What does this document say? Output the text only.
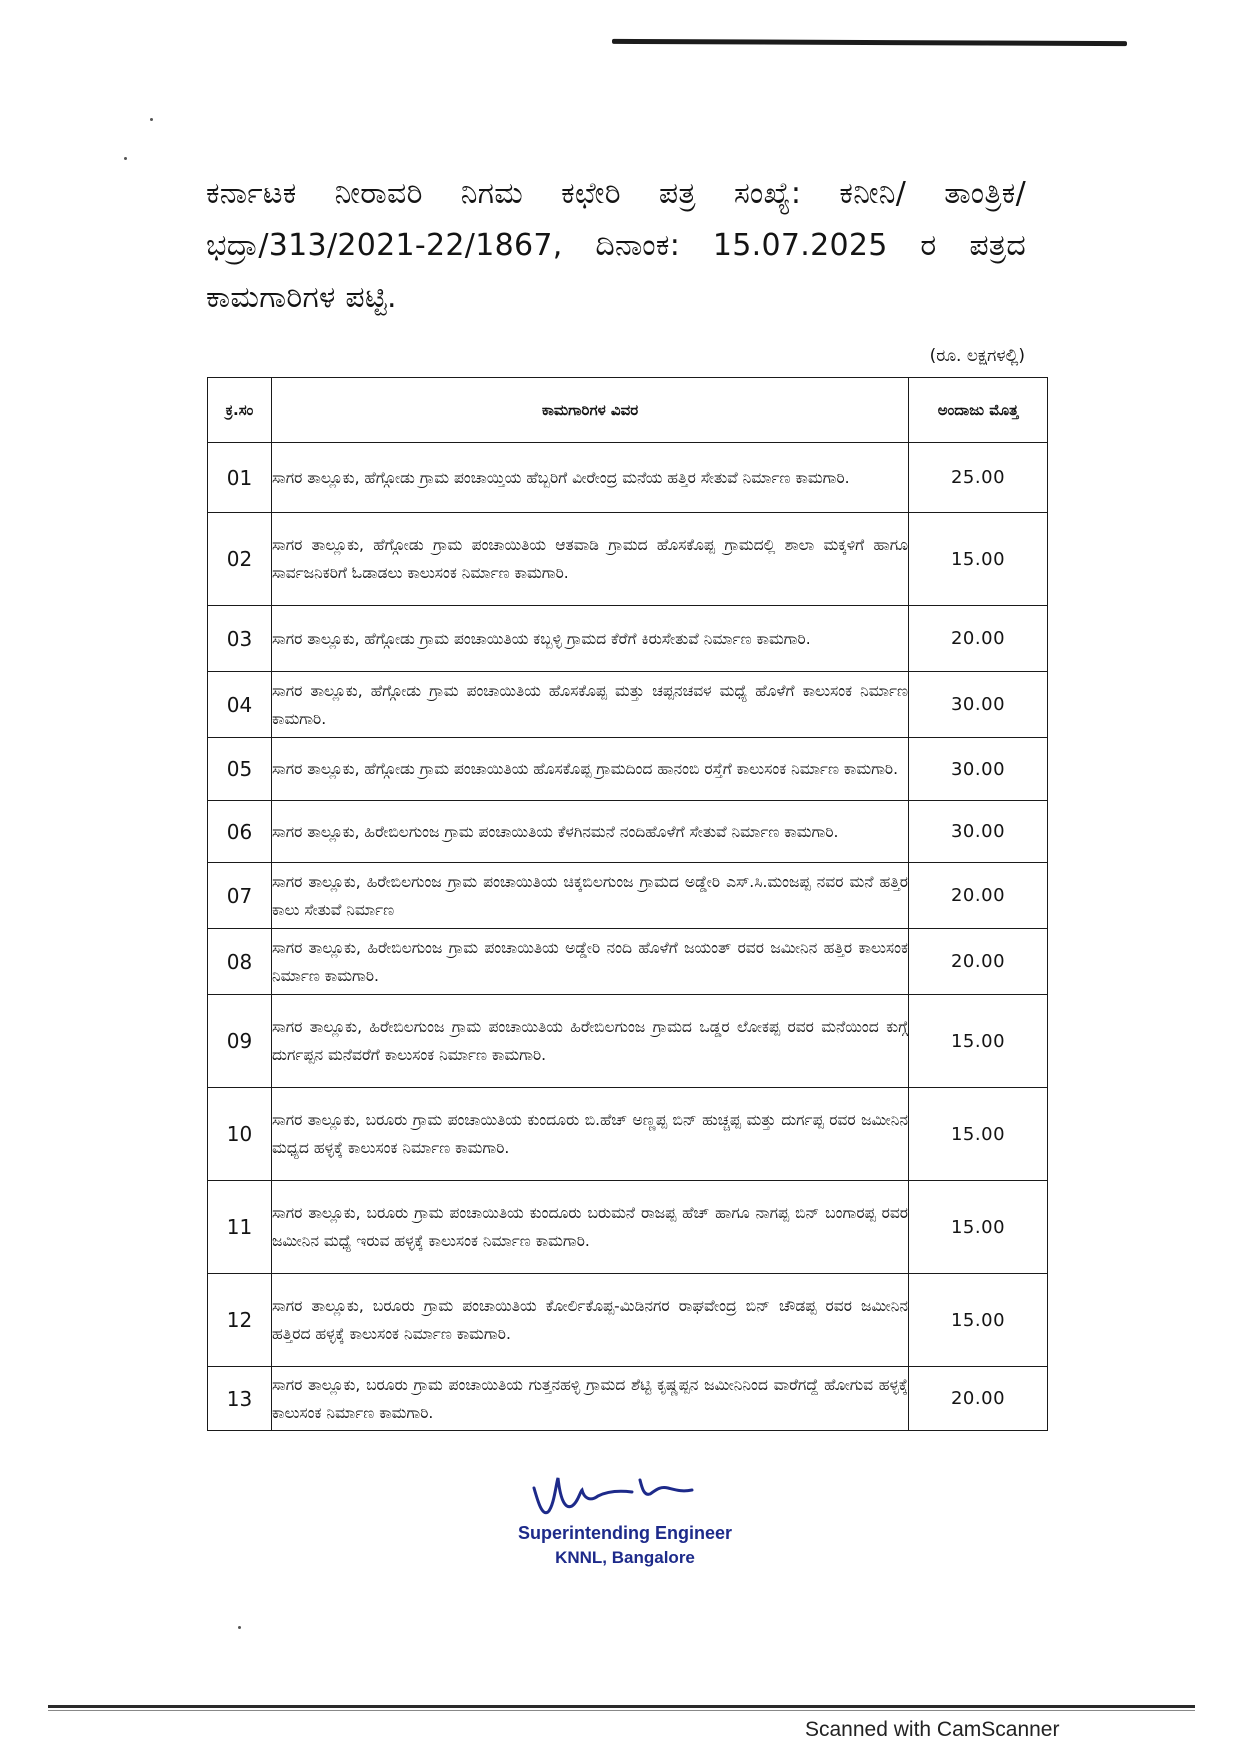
ಕರ್ನಾಟಕ ನೀರಾವರಿ ನಿಗಮ ಕಛೇರಿ ಪತ್ರ ಸಂಖ್ಯೆ: ಕನೀನಿ/ ತಾಂತ್ರಿಕ/ ಭದ್ರಾ/313/2021-22/1867, ದಿನಾಂಕ: 15.07.2025 ರ ಪತ್ರದ ಕಾಮಗಾರಿಗಳ ಪಟ್ಟಿ.

(ರೂ. ಲಕ್ಷಗಳಲ್ಲಿ)
ಕ್ರ.ಸಂ	ಕಾಮಗಾರಿಗಳ ವಿವರ	ಅಂದಾಜು ಮೊತ್ತ
01	ಸಾಗರ ತಾಲ್ಲೂಕು, ಹೆಗ್ಗೋಡು ಗ್ರಾಮ ಪಂಚಾಯ್ತಿಯ ಹೆಬ್ಬರಿಗೆ ವೀರೇಂದ್ರ ಮನೆಯ ಹತ್ತಿರ ಸೇತುವೆ ನಿರ್ಮಾಣ ಕಾಮಗಾರಿ.	25.00
02	ಸಾಗರ ತಾಲ್ಲೂಕು, ಹೆಗ್ಗೋಡು ಗ್ರಾಮ ಪಂಚಾಯಿತಿಯ ಆತವಾಡಿ ಗ್ರಾಮದ ಹೊಸಕೊಪ್ಪ ಗ್ರಾಮದಲ್ಲಿ ಶಾಲಾ ಮಕ್ಕಳಿಗೆ ಹಾಗೂ ಸಾರ್ವಜನಿಕರಿಗೆ ಓಡಾಡಲು ಕಾಲುಸಂಕ ನಿರ್ಮಾಣ ಕಾಮಗಾರಿ.	15.00
03	ಸಾಗರ ತಾಲ್ಲೂಕು, ಹೆಗ್ಗೋಡು ಗ್ರಾಮ ಪಂಚಾಯಿತಿಯ ಕಬ್ಬಳ್ಳಿ ಗ್ರಾಮದ ಕೆರೆಗೆ ಕಿರುಸೇತುವೆ ನಿರ್ಮಾಣ ಕಾಮಗಾರಿ.	20.00
04	ಸಾಗರ ತಾಲ್ಲೂಕು, ಹೆಗ್ಗೋಡು ಗ್ರಾಮ ಪಂಚಾಯಿತಿಯ ಹೊಸಕೊಪ್ಪ ಮತ್ತು ಚಪ್ಪನಚವಳ ಮಧ್ಯೆ ಹೊಳೆಗೆ ಕಾಲುಸಂಕ ನಿರ್ಮಾಣ ಕಾಮಗಾರಿ.	30.00
05	ಸಾಗರ ತಾಲ್ಲೂಕು, ಹೆಗ್ಗೋಡು ಗ್ರಾಮ ಪಂಚಾಯಿತಿಯ ಹೊಸಕೊಪ್ಪ ಗ್ರಾಮದಿಂದ ಹಾನಂಬಿ ರಸ್ತೆಗೆ ಕಾಲುಸಂಕ ನಿರ್ಮಾಣ ಕಾಮಗಾರಿ.	30.00
06	ಸಾಗರ ತಾಲ್ಲೂಕು, ಹಿರೇಬಿಲಗುಂಜ ಗ್ರಾಮ ಪಂಚಾಯಿತಿಯ ಕೆಳಗಿನಮನೆ ನಂದಿಹೊಳೆಗೆ ಸೇತುವೆ ನಿರ್ಮಾಣ ಕಾಮಗಾರಿ.	30.00
07	ಸಾಗರ ತಾಲ್ಲೂಕು, ಹಿರೇಬಿಲಗುಂಜ ಗ್ರಾಮ ಪಂಚಾಯಿತಿಯ ಚಿಕ್ಕಬಿಲಗುಂಜ ಗ್ರಾಮದ ಅಡ್ಡೇರಿ ಎಸ್.ಸಿ.ಮಂಜಪ್ಪ ನವರ ಮನೆ ಹತ್ತಿರ ಕಾಲು ಸೇತುವೆ ನಿರ್ಮಾಣ	20.00
08	ಸಾಗರ ತಾಲ್ಲೂಕು, ಹಿರೇಬಿಲಗುಂಜ ಗ್ರಾಮ ಪಂಚಾಯಿತಿಯ ಅಡ್ಡೇರಿ ನಂದಿ ಹೊಳೆಗೆ ಜಯಂತ್ ರವರ ಜಮೀನಿನ ಹತ್ತಿರ ಕಾಲುಸಂಕ ನಿರ್ಮಾಣ ಕಾಮಗಾರಿ.	20.00
09	ಸಾಗರ ತಾಲ್ಲೂಕು, ಹಿರೇಬಿಲಗುಂಜ ಗ್ರಾಮ ಪಂಚಾಯಿತಿಯ ಹಿರೇಬಿಲಗುಂಜ ಗ್ರಾಮದ ಒಡ್ಡರ ಲೋಕಪ್ಪ ರವರ ಮನೆಯಿಂದ ಕುಗ್ಗೆ ದುರ್ಗಪ್ಪನ ಮನೆವರೆಗೆ ಕಾಲುಸಂಕ ನಿರ್ಮಾಣ ಕಾಮಗಾರಿ.	15.00
10	ಸಾಗರ ತಾಲ್ಲೂಕು, ಬರೂರು ಗ್ರಾಮ ಪಂಚಾಯಿತಿಯ ಕುಂದೂರು ಬಿ.ಹೆಚ್ ಅಣ್ಣಪ್ಪ ಬಿನ್ ಹುಚ್ಚಪ್ಪ ಮತ್ತು ದುರ್ಗಪ್ಪ ರವರ ಜಮೀನಿನ ಮಧ್ಯದ ಹಳ್ಳಕ್ಕೆ ಕಾಲುಸಂಕ ನಿರ್ಮಾಣ ಕಾಮಗಾರಿ.	15.00
11	ಸಾಗರ ತಾಲ್ಲೂಕು, ಬರೂರು ಗ್ರಾಮ ಪಂಚಾಯಿತಿಯ ಕುಂದೂರು ಬರುಮನೆ ರಾಜಪ್ಪ ಹೆಚ್ ಹಾಗೂ ನಾಗಪ್ಪ ಬಿನ್ ಬಂಗಾರಪ್ಪ ರವರ ಜಮೀನಿನ ಮಧ್ಯೆ ಇರುವ ಹಳ್ಳಕ್ಕೆ ಕಾಲುಸಂಕ ನಿರ್ಮಾಣ ಕಾಮಗಾರಿ.	15.00
12	ಸಾಗರ ತಾಲ್ಲೂಕು, ಬರೂರು ಗ್ರಾಮ ಪಂಚಾಯಿತಿಯ ಕೋರ್ಲಿಕೊಪ್ಪ-ಮಿಡಿನಗರ ರಾಘವೇಂದ್ರ ಬಿನ್ ಚೌಡಪ್ಪ ರವರ ಜಮೀನಿನ ಹತ್ತಿರದ ಹಳ್ಳಕ್ಕೆ ಕಾಲುಸಂಕ ನಿರ್ಮಾಣ ಕಾಮಗಾರಿ.	15.00
13	ಸಾಗರ ತಾಲ್ಲೂಕು, ಬರೂರು ಗ್ರಾಮ ಪಂಚಾಯಿತಿಯ ಗುತ್ತನಹಳ್ಳಿ ಗ್ರಾಮದ ಶೆಟ್ಟಿ ಕೃಷ್ಣಪ್ಪನ ಜಮೀನಿನಿಂದ ವಾರೆಗದ್ದೆ ಹೋಗುವ ಹಳ್ಳಕ್ಕೆ ಕಾಲುಸಂಕ ನಿರ್ಮಾಣ ಕಾಮಗಾರಿ.	20.00
Superintending Engineer
KNNL, Bangalore
Scanned with CamScanner
